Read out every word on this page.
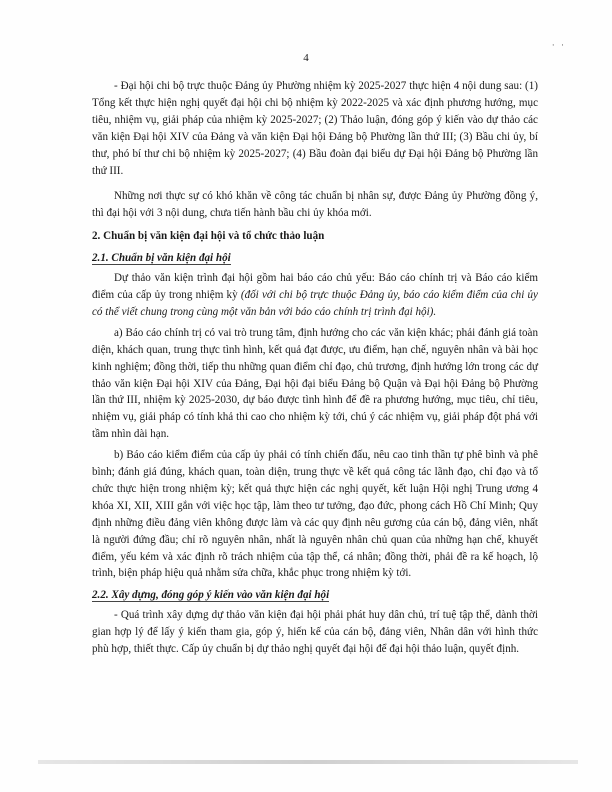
4
· ·

- Đại hội chi bộ trực thuộc Đảng ủy Phường nhiệm kỳ 2025-2027 thực hiện 4 nội dung sau: (1) Tổng kết thực hiện nghị quyết đại hội chi bộ nhiệm kỳ 2022-2025 và xác định phương hướng, mục tiêu, nhiệm vụ, giải pháp của nhiệm kỳ 2025-2027; (2) Thảo luận, đóng góp ý kiến vào dự thảo các văn kiện Đại hội XIV của Đảng và văn kiện Đại hội Đảng bộ Phường lần thứ III; (3) Bầu chi ủy, bí thư, phó bí thư chi bộ nhiệm kỳ 2025-2027; (4) Bầu đoàn đại biểu dự Đại hội Đảng bộ Phường lần thứ III.

Những nơi thực sự có khó khăn về công tác chuẩn bị nhân sự, được Đảng ủy Phường đồng ý, thì đại hội với 3 nội dung, chưa tiến hành bầu chi ủy khóa mới.

2. Chuẩn bị văn kiện đại hội và tổ chức thảo luận

2.1. Chuẩn bị văn kiện đại hội

Dự thảo văn kiện trình đại hội gồm hai báo cáo chủ yếu: Báo cáo chính trị và Báo cáo kiểm điểm của cấp ủy trong nhiệm kỳ (đối với chi bộ trực thuộc Đảng ủy, báo cáo kiểm điểm của chi ủy có thể viết chung trong cùng một văn bản với báo cáo chính trị trình đại hội).

a) Báo cáo chính trị có vai trò trung tâm, định hướng cho các văn kiện khác; phải đánh giá toàn diện, khách quan, trung thực tình hình, kết quả đạt được, ưu điểm, hạn chế, nguyên nhân và bài học kinh nghiệm; đồng thời, tiếp thu những quan điểm chỉ đạo, chủ trương, định hướng lớn trong các dự thảo văn kiện Đại hội XIV của Đảng, Đại hội đại biểu Đảng bộ Quận và Đại hội Đảng bộ Phường lần thứ III, nhiệm kỳ 2025-2030, dự báo được tình hình để đề ra phương hướng, mục tiêu, chỉ tiêu, nhiệm vụ, giải pháp có tính khả thi cao cho nhiệm kỳ tới, chú ý các nhiệm vụ, giải pháp đột phá với tầm nhìn dài hạn.

b) Báo cáo kiểm điểm của cấp ủy phải có tính chiến đấu, nêu cao tinh thần tự phê bình và phê bình; đánh giá đúng, khách quan, toàn diện, trung thực về kết quả công tác lãnh đạo, chỉ đạo và tổ chức thực hiện trong nhiệm kỳ; kết quả thực hiện các nghị quyết, kết luận Hội nghị Trung ương 4 khóa XI, XII, XIII gắn với việc học tập, làm theo tư tưởng, đạo đức, phong cách Hồ Chí Minh; Quy định những điều đảng viên không được làm và các quy định nêu gương của cán bộ, đảng viên, nhất là người đứng đầu; chỉ rõ nguyên nhân, nhất là nguyên nhân chủ quan của những hạn chế, khuyết điểm, yếu kém và xác định rõ trách nhiệm của tập thể, cá nhân; đồng thời, phải đề ra kế hoạch, lộ trình, biện pháp hiệu quả nhằm sửa chữa, khắc phục trong nhiệm kỳ tới.

2.2. Xây dựng, đóng góp ý kiến vào văn kiện đại hội

- Quá trình xây dựng dự thảo văn kiện đại hội phải phát huy dân chủ, trí tuệ tập thể, dành thời gian hợp lý để lấy ý kiến tham gia, góp ý, hiến kế của cán bộ, đảng viên, Nhân dân với hình thức phù hợp, thiết thực. Cấp ủy chuẩn bị dự thảo nghị quyết đại hội để đại hội thảo luận, quyết định.
